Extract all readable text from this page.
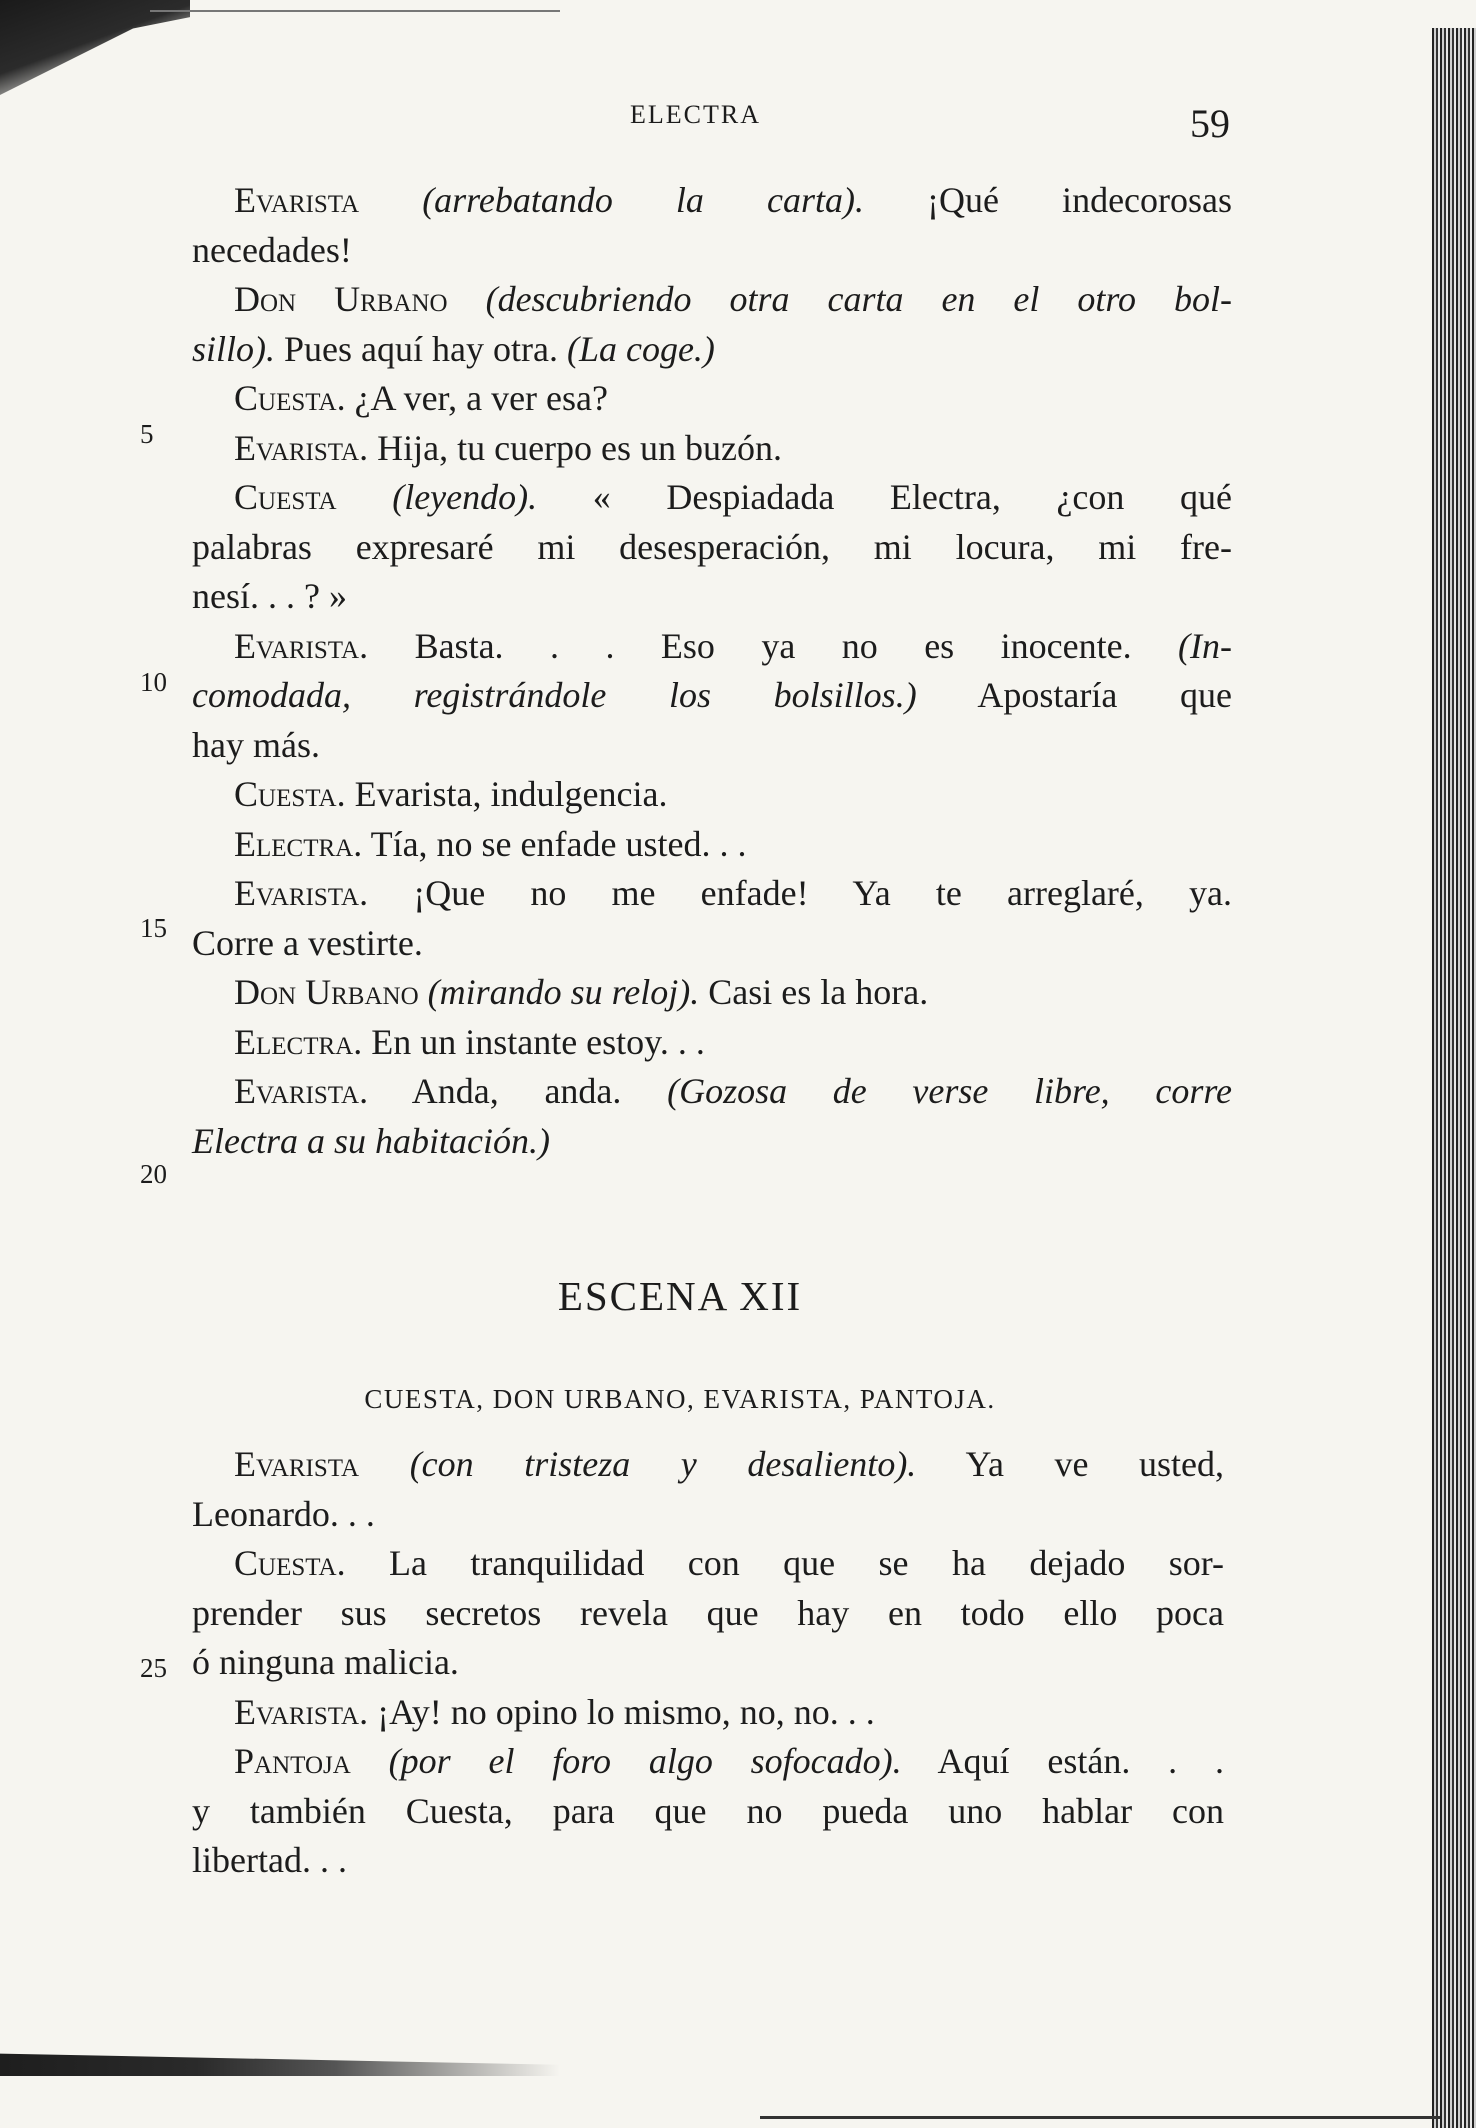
ELECTRA	59
5
10
15
20
25
Evarista (arrebatando la carta). ¡Qué indecorosas
necedades!
Don Urbano (descubriendo otra carta en el otro bol-
sillo). Pues aquí hay otra. (La coge.)
Cuesta. ¿A ver, a ver esa?
Evarista. Hija, tu cuerpo es un buzón.
Cuesta (leyendo). « Despiadada Electra, ¿con qué
palabras expresaré mi desesperación, mi locura, mi fre-
nesí. . . ? »
Evarista. Basta. . . Eso ya no es inocente. (In-
comodada, registrándole los bolsillos.) Apostaría que
hay más.
Cuesta. Evarista, indulgencia.
Electra. Tía, no se enfade usted. . .
Evarista. ¡Que no me enfade! Ya te arreglaré, ya.
Corre a vestirte.
Don Urbano (mirando su reloj). Casi es la hora.
Electra. En un instante estoy. . .
Evarista. Anda, anda. (Gozosa de verse libre, corre
Electra a su habitación.)
ESCENA XII
CUESTA, DON URBANO, EVARISTA, PANTOJA.
Evarista (con tristeza y desaliento). Ya ve usted,
Leonardo. . .
Cuesta. La tranquilidad con que se ha dejado sor-
prender sus secretos revela que hay en todo ello poca
ó ninguna malicia.
Evarista. ¡Ay! no opino lo mismo, no, no. . .
Pantoja (por el foro algo sofocado). Aquí están. . .
y también Cuesta, para que no pueda uno hablar con
libertad. . .
